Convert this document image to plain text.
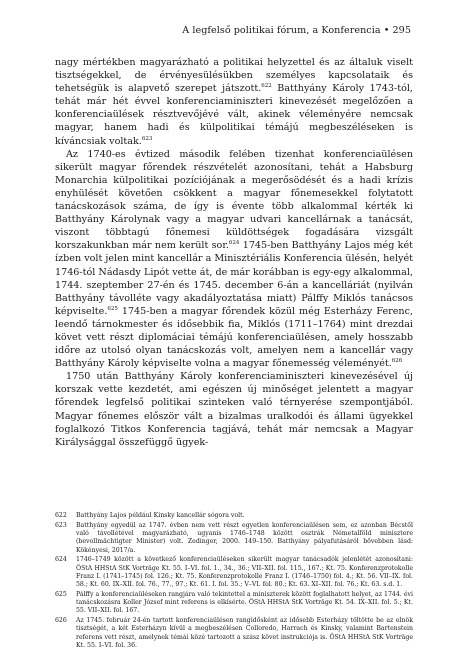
A legfelső politikai fórum, a Konferencia • 295

nagy mértékben magyarázható a politikai helyzettel és az általuk viselt tisztségekkel, de érvényesülésükben személyes kapcsolataik és tehetségük is alapvető szerepet játszott.$^{622}$ Batthyány Károly 1743-tól, tehát már hét évvel konferenciaminiszteri kinevezését megelőzően a konferenciaülések résztvevőjévé vált, akinek véleményére nemcsak magyar, hanem hadi és külpolitikai témájú megbeszéléseken is kíváncsiak voltak.$^{623}$

Az 1740-es évtized második felében tizenhat konferenciaülésen sikerült magyar főrendek részvételét azonosítani, tehát a Habsburg Monarchia külpolitikai pozíciójának a megerősödését és a hadi krízis enyhülését követően csökkent a magyar főnemesekkel folytatott tanácskozások száma, de így is évente több alkalommal kérték ki Batthyány Károlynak vagy a magyar udvari kancellárnak a tanácsát, viszont többtagú főnemesi küldöttségek fogadására vizsgált korszakunkban már nem került sor.$^{624}$ 1745-ben Batthyány Lajos még két ízben volt jelen mint kancellár a Minisztériális Konferencia ülésén, helyét 1746-tól Nádasdy Lipót vette át, de már korábban is egy-egy alkalommal, 1744. szeptember 27-én és 1745. december 6-án a kancelláriát (nyilván Batthyány távolléte vagy akadályoztatása miatt) Pálffy Miklós tanácsos képviselte.$^{625}$ 1745-ben a magyar főrendek közül még Esterházy Ferenc, leendő tárnokmester és idősebbik fia, Miklós (1711–1764) mint drezdai követ vett részt diplomáciai témájú konferenciaülésen, amely hosszabb időre az utolsó olyan tanácskozás volt, amelyen nem a kancellár vagy Batthyány Károly képviselte volna a magyar főnemesség véleményét.$^{626}$

1750 után Batthyány Károly konferenciaminiszteri kinevezésével új korszak vette kezdetét, ami egészen új minőséget jelentett a magyar főrendek legfelső politikai szinteken való térnyerése szempontjából. Magyar főnemes először vált a bizalmas uralkodói és állami ügyekkel foglalkozó Titkos Konferencia tagjává, tehát már nemcsak a Magyar Királysággal összefüggő ügyek-

622	Batthyány Lajos például Kinsky kancellár sógora volt.
623	Batthyány egyedül az 1747. évben nem vett részt egyetlen konferenciaülésen sem, ez azonban Bécstől való távollétével magyarázható, ugyanis 1746–1748 között osztrák Németalföld miniszterе (bevollmächtigter Minister) volt. Zedinger, 2000. 149–150. Batthyány pályafutásáról bővebben lásd: Kökényesi, 2017/a.
624	1746–1749 között a következő konferenciaüléseken sikerült magyar tanácsadók jelenlétét azonosítani: ÖStA HHStA StK Vorträge Kt. 55. I–VI. fol. 1., 34., 36.; VII–XII. fol. 115., 167.; Kt. 75. Konferenzprotokolle Franz I. (1741–1745) fol. 126.; Kt. 75. Konferenzprotokolle Franz I. (1746–1750) fol. 4.; Kt. 56. VII–IX. fol. 58.; Kt. 60. IX–XII. fol. 76., 77., 97.; Kt. 61. I. fol. 35.; V–VI. fol. 80.; Kt. 63. XI–XII. fol. 76.; Kt. 63. s.d. 1.
625	Pálffy a konferenciaüléseken rangjára való tekintettel a miniszterek között foglalhatott helyet, az 1744. évi tanácskozásra Koller József mint referens is elkísérte. ÖStA HHStA StK Vorträge Kt. 54. IX–XII. fol. 5.; Kt. 55. VII–XII. fol. 167.
626	Az 1745. február 24-én tartott konferenciaülésen rangidősként az idősebb Esterházy töltötte be az elnök tisztségét, a két Esterházyn kívül a megbeszélésen Colloredo, Harrach és Kinsky, valamint Bartenstein referens vett részt, amelynek témái közé tartozott a szász követ instrukciója is. ÖStA HHStA StK Vorträge Kt. 55. I–VI. fol. 36.
